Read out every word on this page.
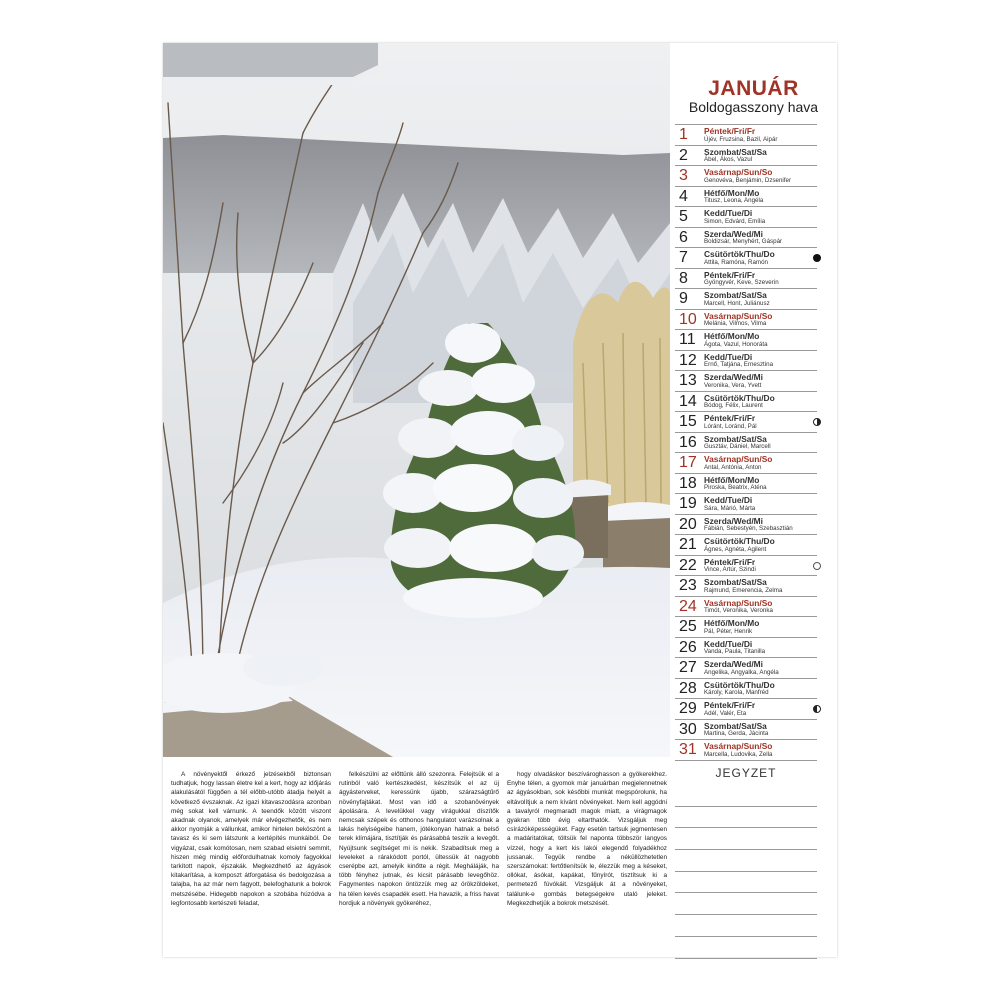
JANUÁR
Boldogasszony hava
1	Péntek/Fri/Fr
Újév, Fruzsina, Bazil, Aipár
2	Szombat/Sat/Sa
Ábel, Ákos, Vazul
3	Vasárnap/Sun/So
Genovéva, Benjámin, Dzsenifer
4	Hétfő/Mon/Mo
Titusz, Leona, Angéla
5	Kedd/Tue/Di
Simon, Edvárd, Emília
6	Szerda/Wed/Mi
Boldizsár, Menyhért, Gáspár
7	Csütörtök/Thu/Do
Attila, Ramóna, Ramón
8	Péntek/Fri/Fr
Gyöngyvér, Keve, Szeverin
9	Szombat/Sat/Sa
Marcell, Hont, Juliánusz
10 Vasárnap/Sun/So
Melánia, Vilmos, Vilma
11 Hétfő/Mon/Mo
Ágota, Vazul, Honoráta
12 Kedd/Tue/Di
Ernő, Tatjána, Ernesztina
13 Szerda/Wed/Mi
Veronika, Vera, Yvett
14 Csütörtök/Thu/Do
Bódog, Félix, Laurent
15 Péntek/Fri/Fr
Lóránt, Loránd, Pál
16 Szombat/Sat/Sa
Gusztáv, Dániel, Marcell
17 Vasárnap/Sun/So
Antal, Antónia, Anton
18 Hétfő/Mon/Mo
Piroska, Beatrix, Aténa
19 Kedd/Tue/Di
Sára, Márió, Márta
20 Szerda/Wed/Mi
Fábián, Sebestyén, Szebasztián
21 Csütörtök/Thu/Do
Ágnes, Agnéta, Agilent
22 Péntek/Fri/Fr
Vince, Artúr, Szindi
23 Szombat/Sat/Sa
Rajmund, Emerencia, Zelma
24 Vasárnap/Sun/So
Timót, Veronika, Veronka
25 Hétfő/Mon/Mo
Pál, Péter, Henrik
26 Kedd/Tue/Di
Vanda, Paula, Titanilla
27 Szerda/Wed/Mi
Angelika, Angyalka, Angéla
28 Csütörtök/Thu/Do
Károly, Karola, Manfréd
29 Péntek/Fri/Fr
Adél, Valér, Eta
30 Szombat/Sat/Sa
Martina, Gerda, Jácinta
31 Vasárnap/Sun/So
Marcella, Ludovika, Zella
JEGYZET

A növényektől érkező jelzésekből biztonsan tudhatjuk, hogy lassan életre kel a kert, hogy az időjárás alakulásától függően a tél előbb-utóbb átadja helyét a következő évszaknak. Az igazi kitavaszodásra azonban még sokat kell várnunk. A teendők között viszont akadnak olyanok, amelyek már elvégezhetők, és nem akkor nyomják a vállunkat, amikor hirtelen beköszönt a tavasz és ki sem látszunk a kertépítés munkáiból. De vigyázat, csak komótosan, nem szabad elsietni semmit, hiszen még mindig előfordulhatnak komoly fagyokkal tarkított napok, éjszakák. Megkezdhető az ágyások kitakarítása, a komposzt átforgatása és bedolgozása a talajba, ha az már nem fagyott, belefoghatunk a bokrok metszésébe. Hidegebb napokon a szobába húzódva a legfontosabb kertészeti feladat,

felkészülni az előttünk álló szezonra. Felejtsük el a rutinból való kertészkedést, készítsük el az új ágyásterveket, keressünk újabb, szárazságtűrő növényfajtákat. Most van idő a szobanövények ápolására. A levelükkel vagy virágukkal díszítők nemcsak szépek és otthonos hangulatot varázsolnak a lakás helyiségeibe hanem, jótékonyan hatnak a belső terek klímájára, tisztítják és párásabbá teszik a levegőt. Nyújtsunk segítséget mi is nekik. Szabadítsuk meg a leveleket a rárakódott portól, ültessük át nagyobb cserépbe azt, amelyik kinőtte a régit. Megháláják, ha több fényhez jutnak, és kicsit párásabb levegőhöz. Fagymentes napokon öntözzük meg az örökzöldeket, ha télen kevés csapadék esett. Ha havazik, a friss havat hordjuk a növények gyökeréhez,

hogy olvadáskor beszívároghasson a gyökerekhez. Enyhe télen, a gyomok már januárban megjelennetnek az ágyásokban, sok későbbi munkát megspórolunk, ha eltávolítjuk a nem kívánt növényeket. Nem kell aggódni a tavalyról megmaradt magok miatt, a virágmagok gyakran több évig eltarthatók. Vizsgáljuk meg csírázóképességüket. Fagy esetén tartsuk jegmentesen a madáritatókat, töltsük fel naponta többször langyos vízzel, hogy a kert kis lakói elegendő folyadékhoz jussanak. Tegyük rendbe a néküllözhetetlen szerszámokat: fertőtlenítsük le, élezzük meg a késeket, ollókat, ásókat, kapákat, fűnyírót, tisztítsuk ki a permetező fúvókáit. Vizsgáljuk át a növényeket, találunk-e gombás betegségekre utaló jeleket. Megkezdhetjük a bokrok metszését.
